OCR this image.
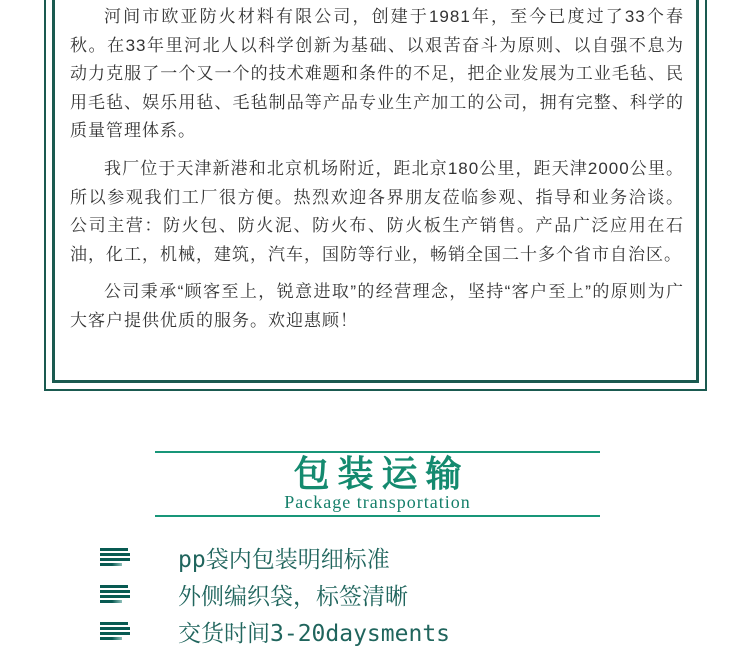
河间市欧亚防火材料有限公司，创建于1981年，至今已度过了33个春秋。在33年里河北人以科学创新为基础、以艰苦奋斗为原则、以自强不息为动力克服了一个又一个的技术难题和条件的不足，把企业发展为工业毛毡、民用毛毡、娱乐用毡、毛毡制品等产品专业生产加工的公司，拥有完整、科学的质量管理体系。

我厂位于天津新港和北京机场附近，距北京180公里，距天津2000公里。所以参观我们工厂很方便。热烈欢迎各界朋友莅临参观、指导和业务洽谈。 公司主营：防火包、防火泥、防火布、防火板生产销售。产品广泛应用在石油，化工，机械，建筑，汽车，国防等行业，畅销全国二十多个省市自治区。

公司秉承“顾客至上，锐意进取”的经营理念，坚持“客户至上”的原则为广大客户提供优质的服务。欢迎惠顾！

包装运输
Package transportation
pp袋内包装明细标准
外侧编织袋，标签清晰
交货时间3-20daysments
